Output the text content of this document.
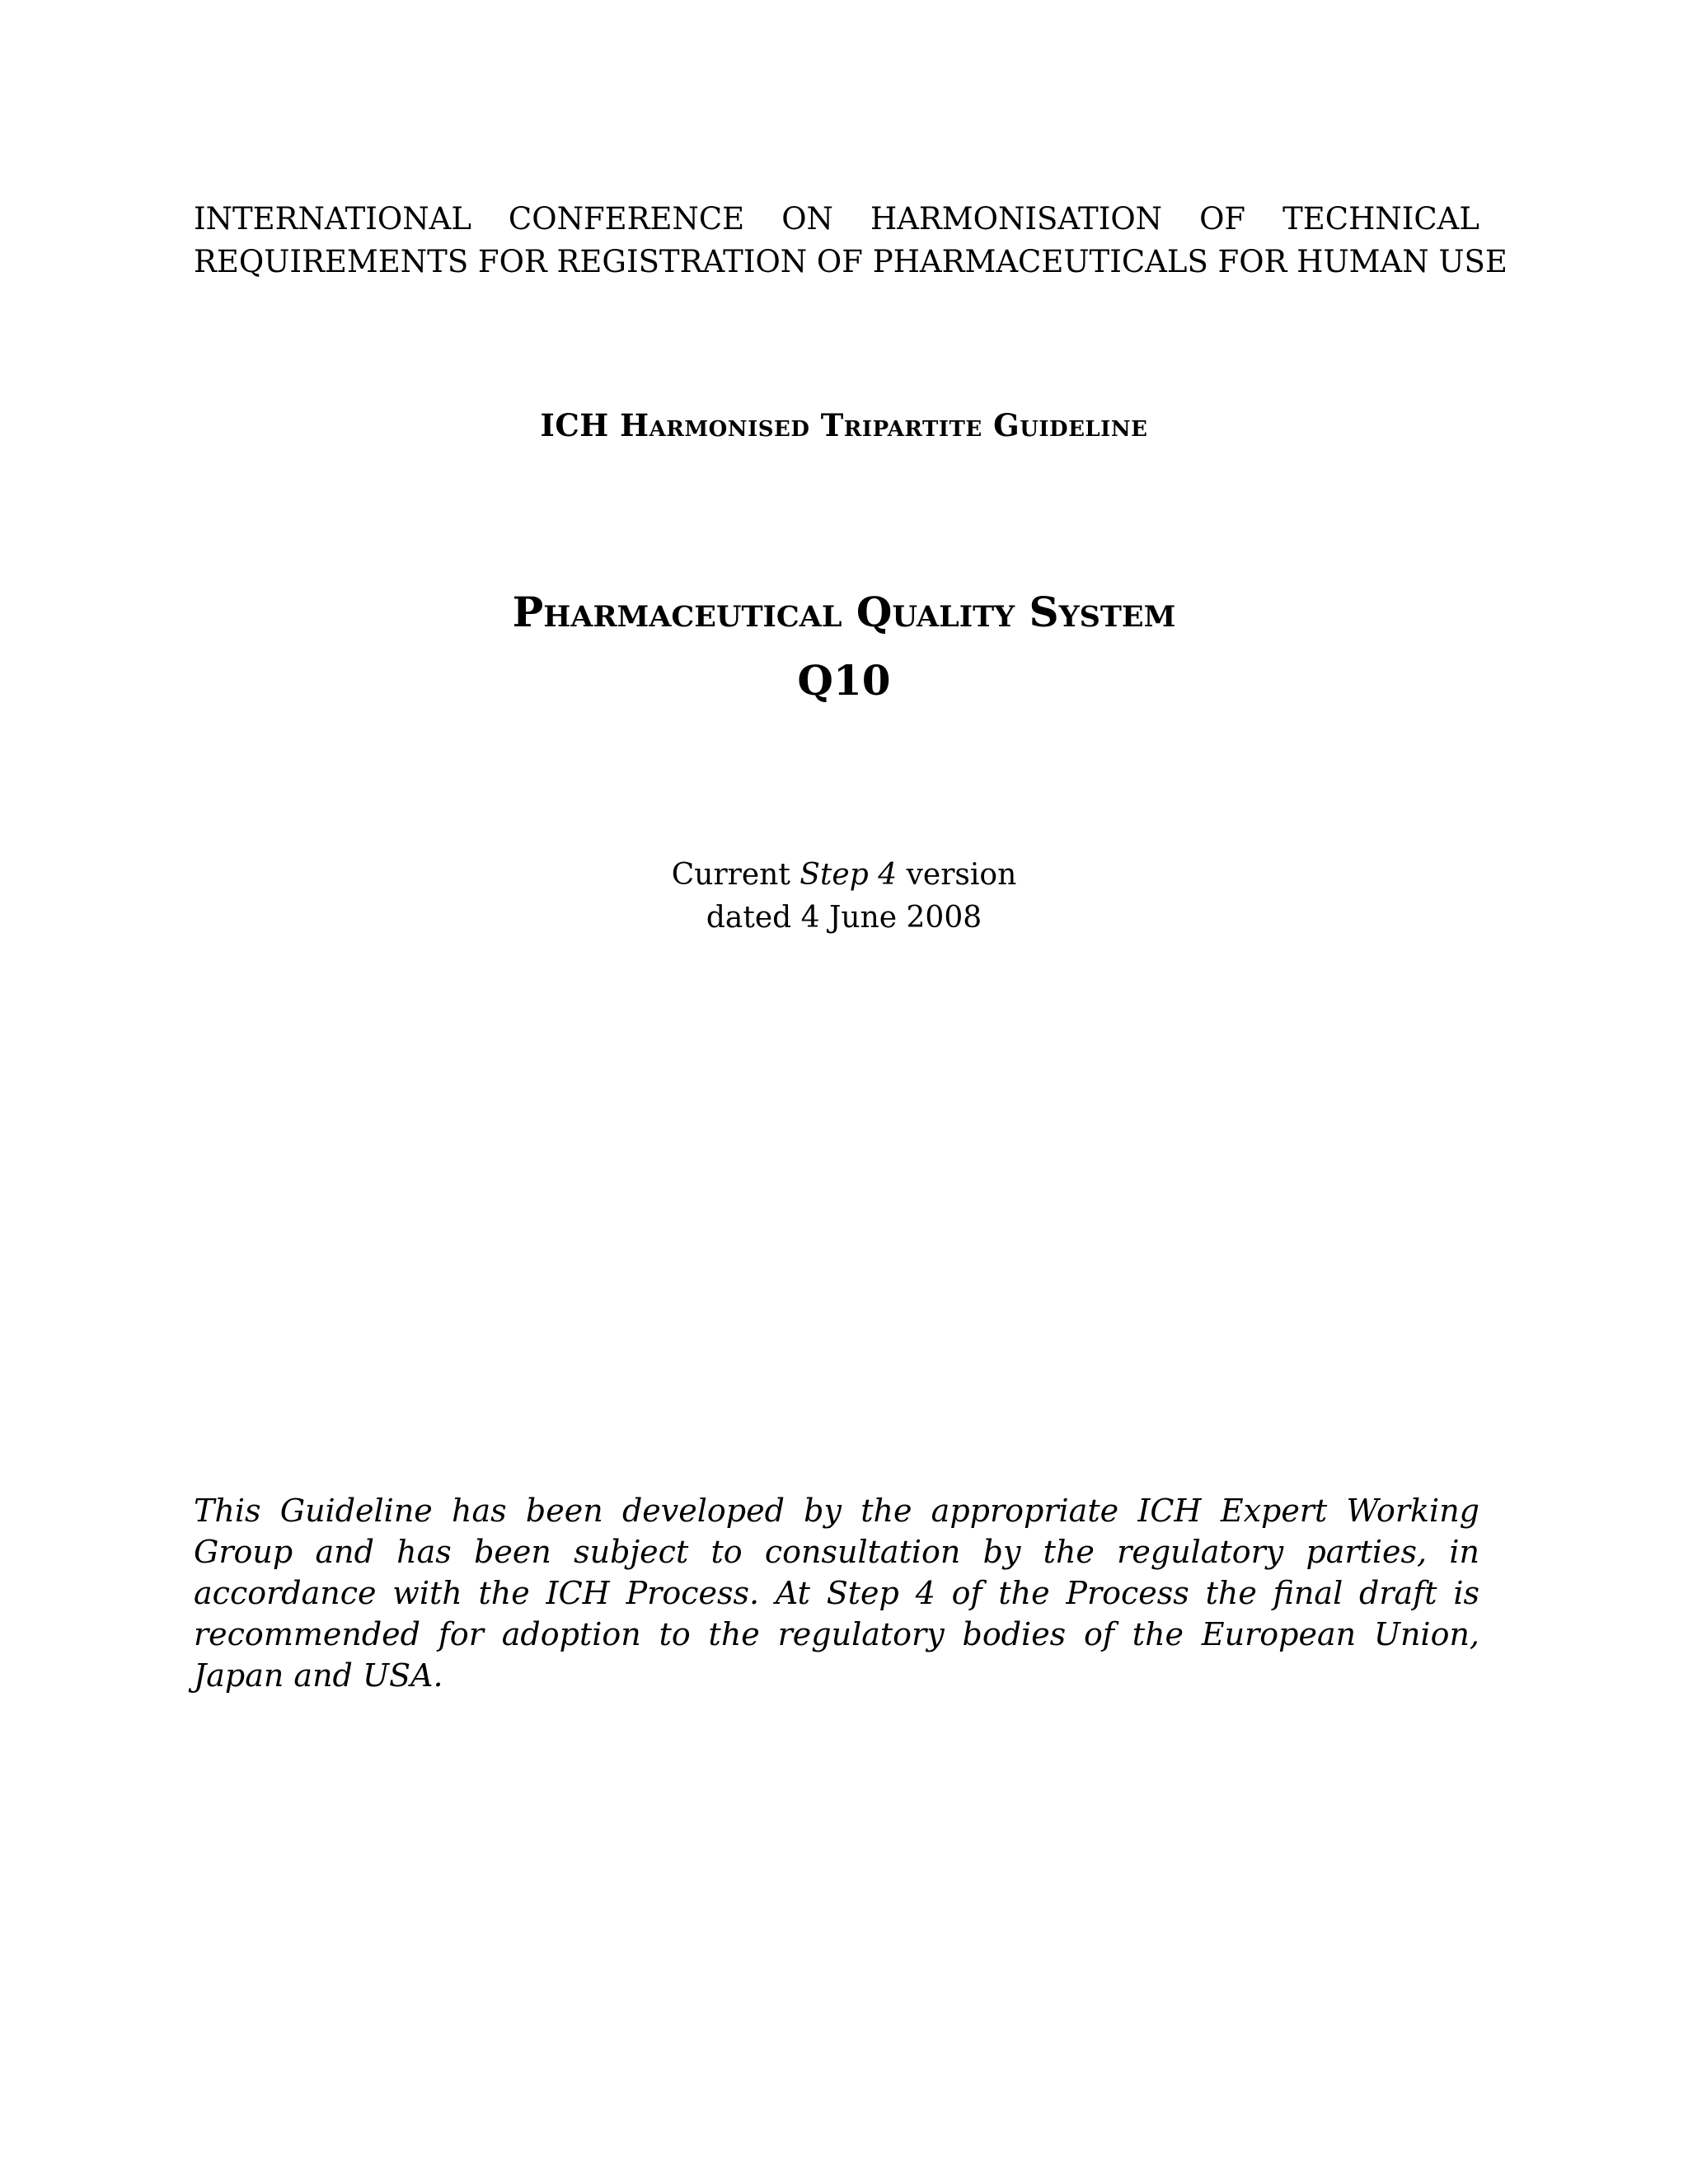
INTERNATIONAL CONFERENCE ON HARMONISATION OF TECHNICAL
REQUIREMENTS FOR REGISTRATION OF PHARMACEUTICALS FOR HUMAN USE
ICH Harmonised Tripartite Guideline
Pharmaceutical Quality System
Q10
Current Step 4 version
dated 4 June 2008
This Guideline has been developed by the appropriate ICH Expert Working Group and has been subject to consultation by the regulatory parties, in accordance with the ICH Process. At Step 4 of the Process the final draft is recommended for adoption to the regulatory bodies of the European Union, Japan and USA.
